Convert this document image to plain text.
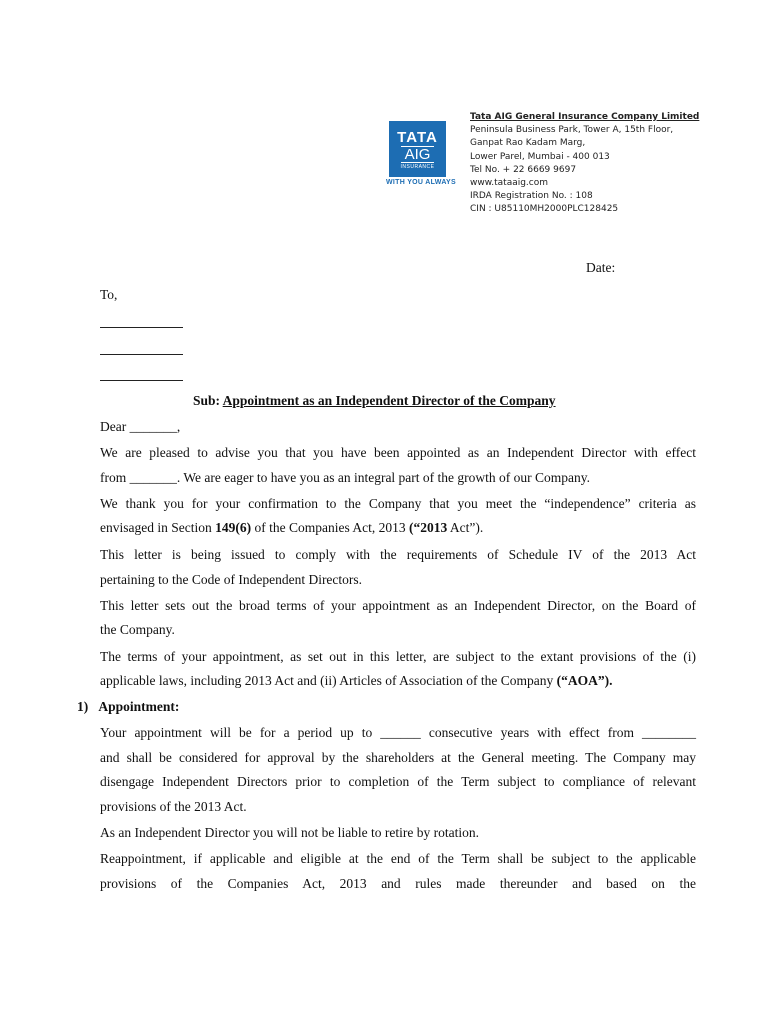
TATA
AIG
INSURANCE
WITH YOU ALWAYS
Tata AIG General Insurance Company Limited
Peninsula Business Park, Tower A, 15th Floor,
Ganpat Rao Kadam Marg,
Lower Parel, Mumbai - 400 013
Tel No. + 22 6669 9697
www.tataaig.com
IRDA Registration No. : 108
CIN : U85110MH2000PLC128425
Date:
To,
Sub: Appointment as an Independent Director of the Company
Dear _______,
We are pleased to advise you that you have been appointed as an Independent Director with effect
from _______. We are eager to have you as an integral part of the growth of our Company.
We thank you for your confirmation to the Company that you meet the “independence” criteria as
envisaged in Section 149(6) of the Companies Act, 2013 (“2013 Act”).
This letter is being issued to comply with the requirements of Schedule IV of the 2013 Act
pertaining to the Code of Independent Directors.
This letter sets out the broad terms of your appointment as an Independent Director, on the Board of
the Company.
The terms of your appointment, as set out in this letter, are subject to the extant provisions of the (i)
applicable laws, including 2013 Act and (ii) Articles of Association of the Company (“AOA”).
1) Appointment:
Your appointment will be for a period up to ______ consecutive years with effect from ________
and shall be considered for approval by the shareholders at the General meeting. The Company may
disengage Independent Directors prior to completion of the Term subject to compliance of relevant
provisions of the 2013 Act.
As an Independent Director you will not be liable to retire by rotation.
Reappointment, if applicable and eligible at the end of the Term shall be subject to the applicable
provisions of the Companies Act, 2013 and rules made thereunder and based on the
